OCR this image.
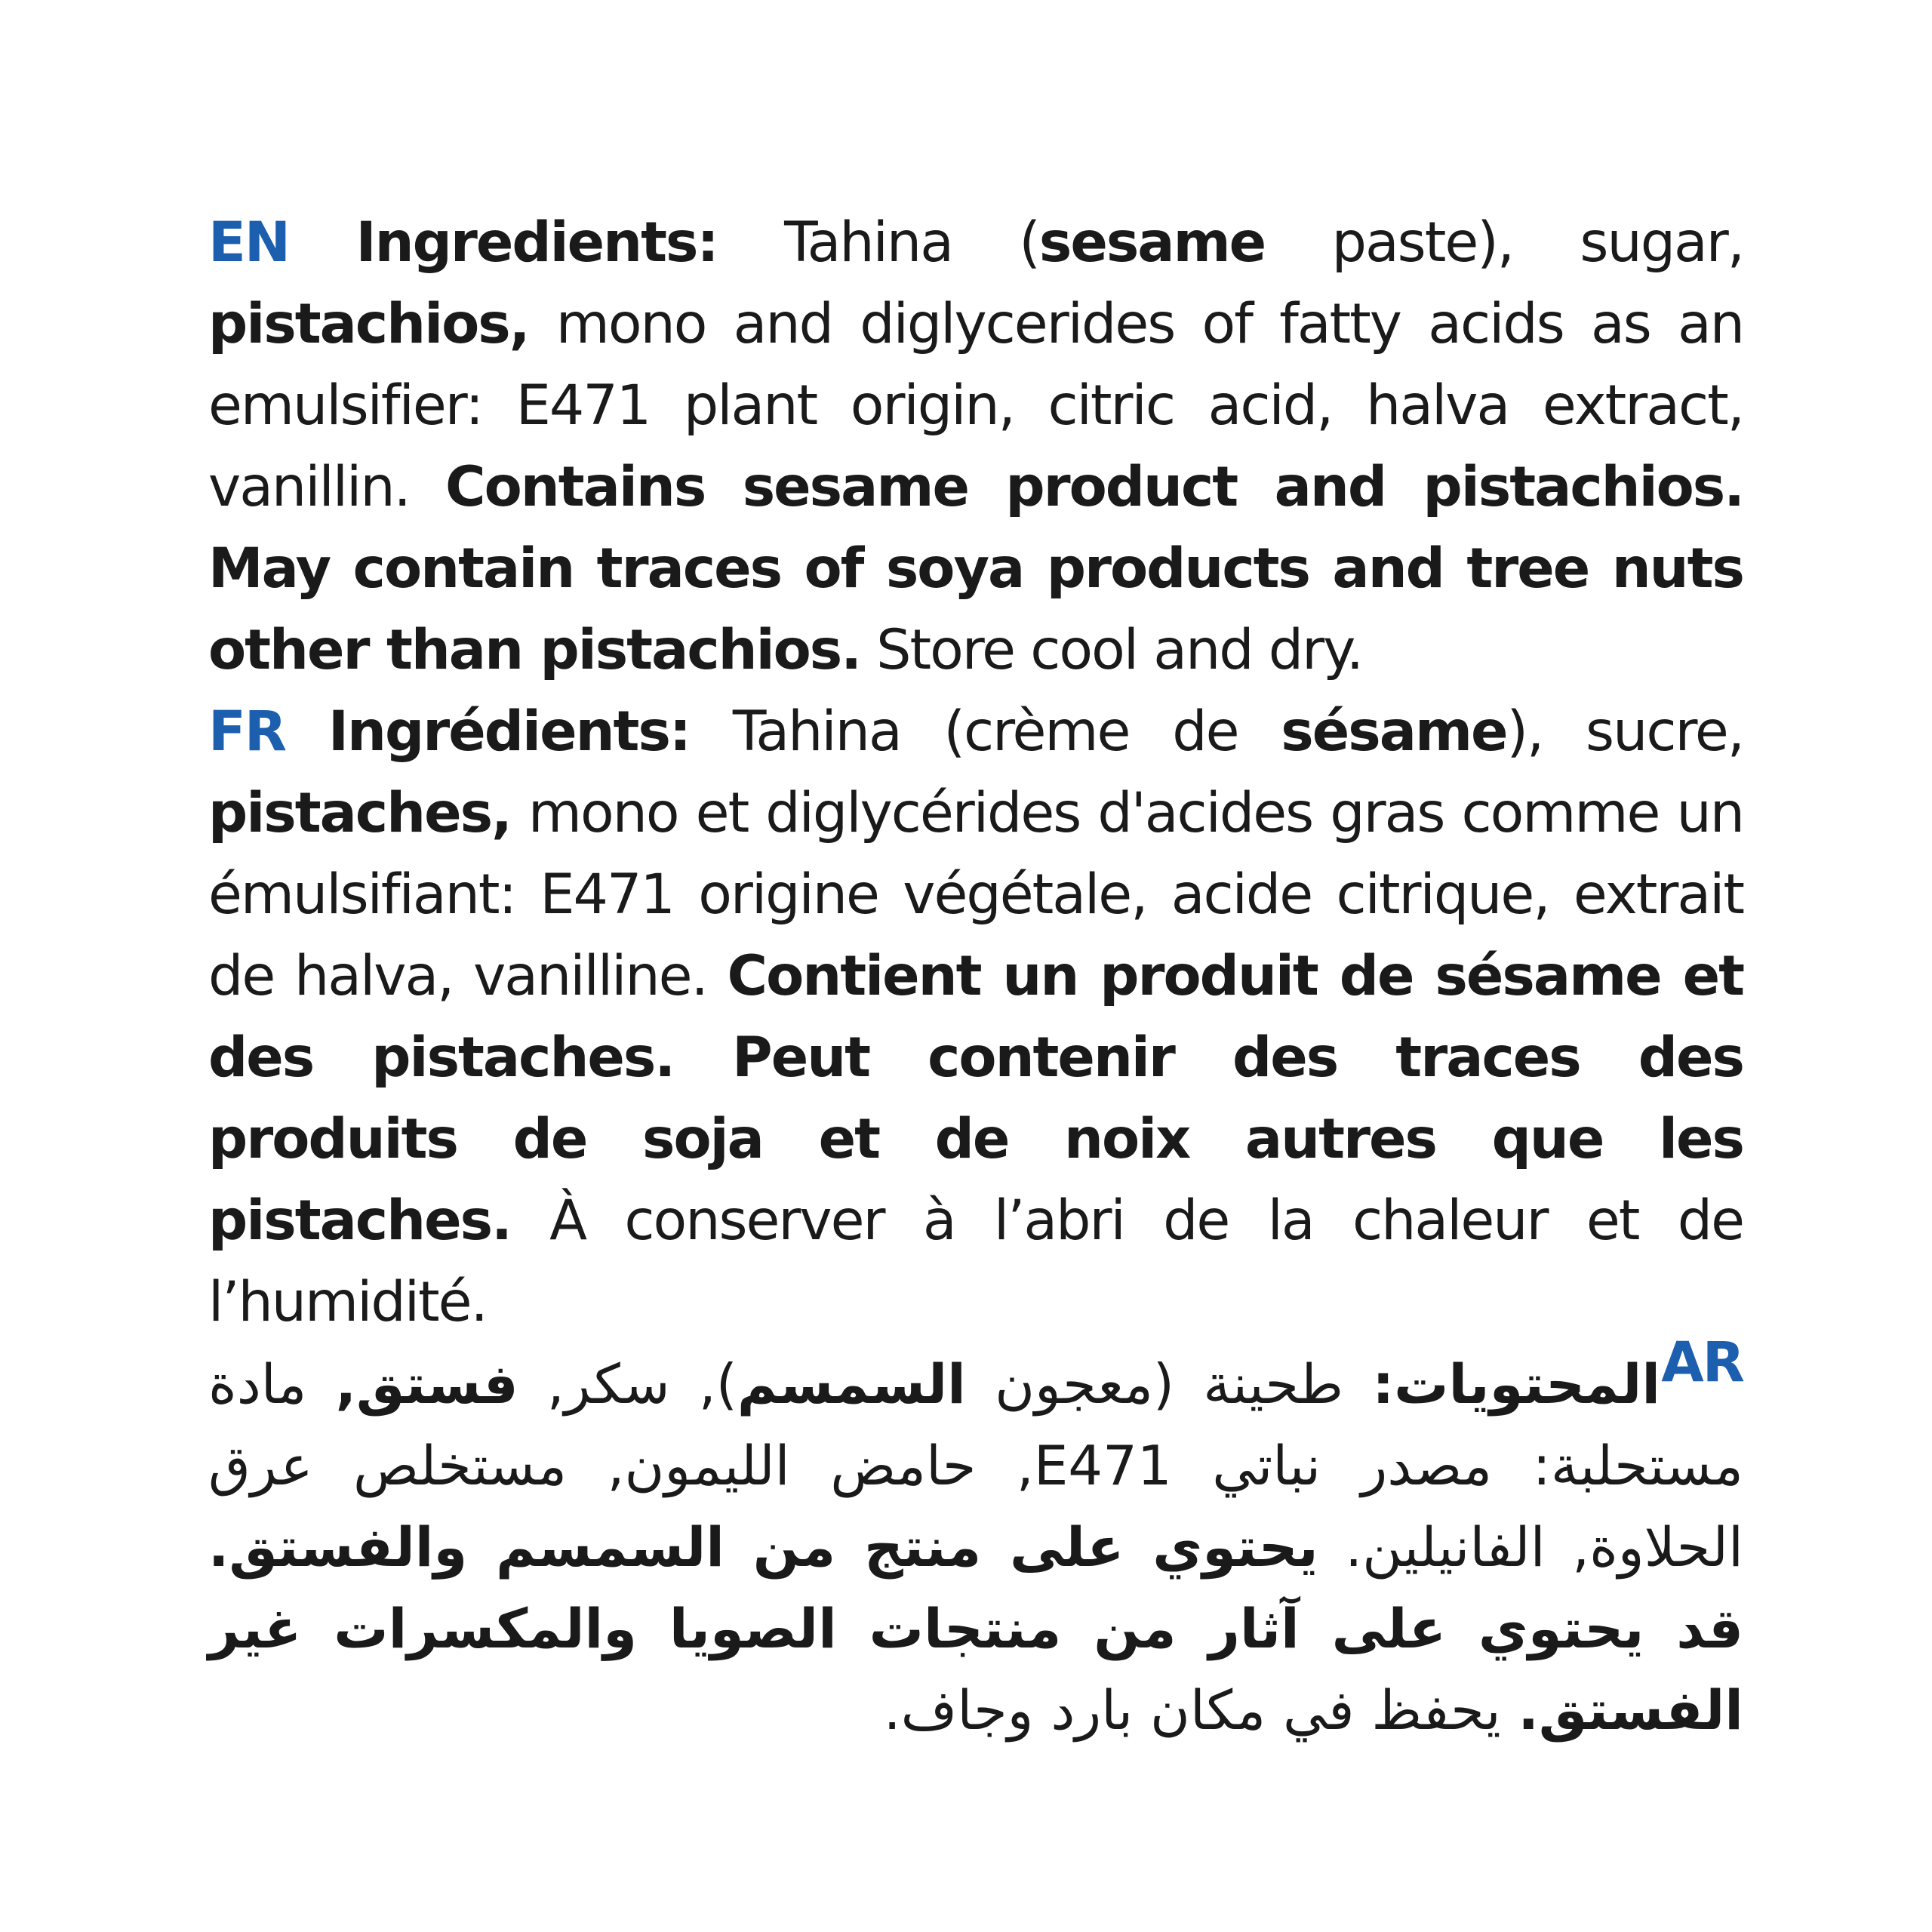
EN Ingredients: Tahina (sesame paste), sugar, pistachios, mono and diglycerides of fatty acids as an emulsifier: E471 plant origin, citric acid, halva extract, vanillin. Contains sesame product and pistachios. May contain traces of soya products and tree nuts other than pistachios. Store cool and dry.

FR Ingrédients: Tahina (crème de sésame), sucre, pistaches, mono et diglycérides d'acides gras comme un émulsifiant: E471 origine végétale, acide citrique, extrait de halva, vanilline. Contient un produit de sésame et des pistaches. Peut contenir des traces des produits de soja et de noix autres que les pistaches. À conserver à l’abri de la chaleur et de l’humidité.

المحتويات: طحينة (معجون السمسم), سكر, فستق, مادة مستحلبة: مصدر نباتي E471, حامض الليمون, مستخلص عرق الحلاوة, الفانيلين. يحتوي على منتج من السمسم والفستق. قد يحتوي على آثار من منتجات الصويا والمكسرات غير الفستق. يحفظ في مكان بارد وجاف.

AR
